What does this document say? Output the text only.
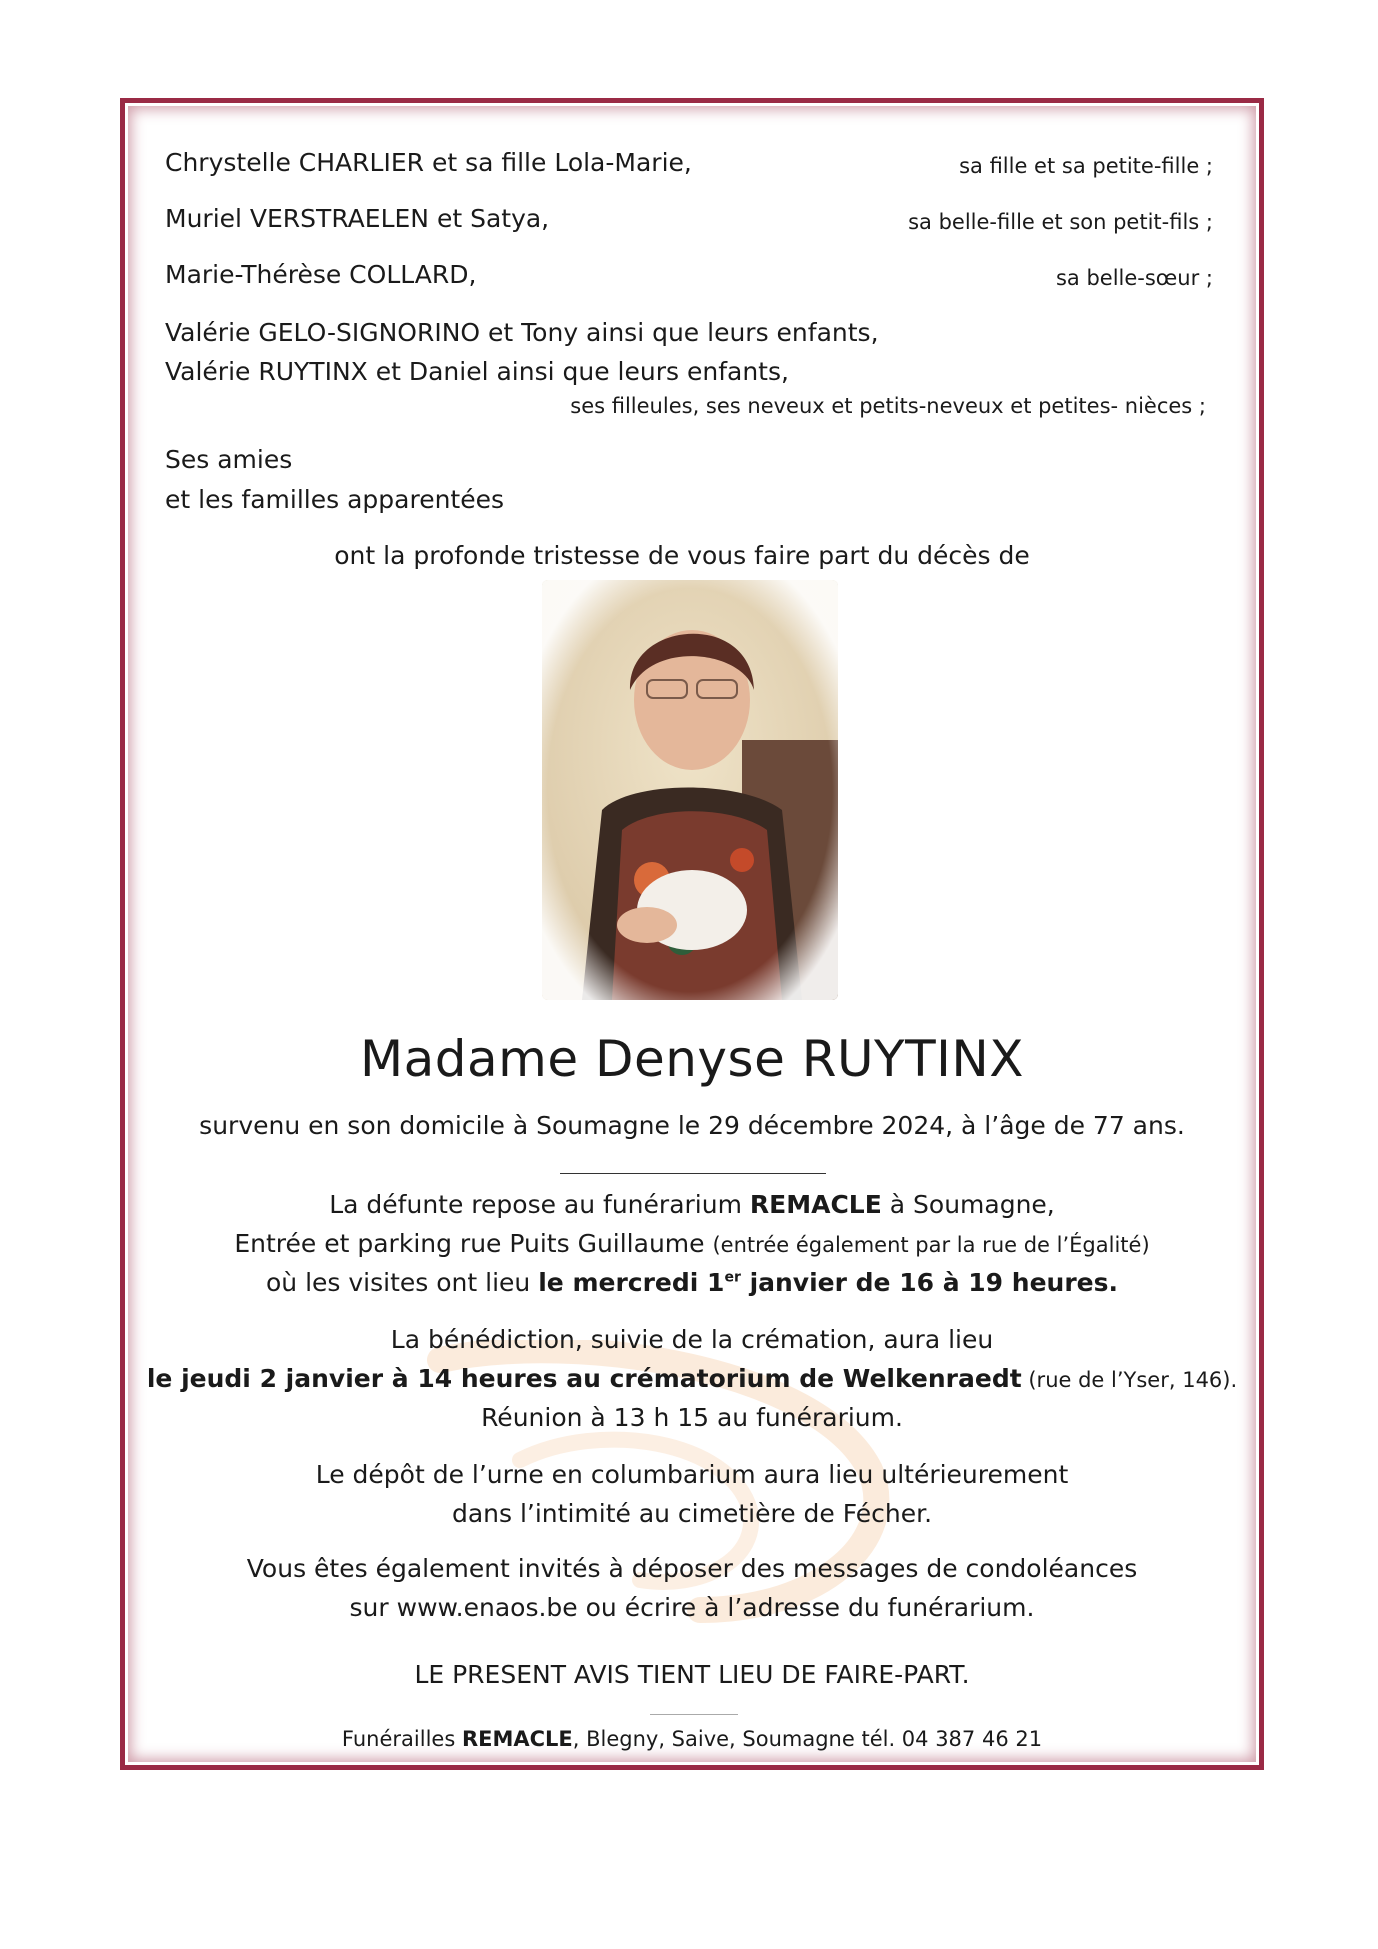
Chrystelle CHARLIER et sa fille Lola-Marie,	sa fille et sa petite-fille ;
Muriel VERSTRAELEN et Satya,	sa belle-fille et son petit-fils ;
Marie-Thérèse COLLARD,	sa belle-sœur ;
Valérie GELO-SIGNORINO et Tony ainsi que leurs enfants,
Valérie RUYTINX et Daniel ainsi que leurs enfants,
ses filleules, ses neveux et petits-neveux et petites- nièces ;
Ses amies
et les familles apparentées
ont la profonde tristesse de vous faire part du décès de
Madame Denyse RUYTINX
survenu en son domicile à Soumagne le 29 décembre 2024, à l’âge de 77 ans.
La défunte repose au funérarium REMACLE à Soumagne,
Entrée et parking rue Puits Guillaume (entrée également par la rue de l’Égalité)
où les visites ont lieu le mercredi 1er janvier de 16 à 19 heures.
La bénédiction, suivie de la crémation, aura lieu
le jeudi 2 janvier à 14 heures au crématorium de Welkenraedt (rue de l’Yser, 146).
Réunion à 13 h 15 au funérarium.
Le dépôt de l’urne en columbarium aura lieu ultérieurement
dans l’intimité au cimetière de Fécher.
Vous êtes également invités à déposer des messages de condoléances
sur www.enaos.be ou écrire à l’adresse du funérarium.
LE PRESENT AVIS TIENT LIEU DE FAIRE-PART.
Funérailles REMACLE, Blegny, Saive, Soumagne tél. 04 387 46 21
